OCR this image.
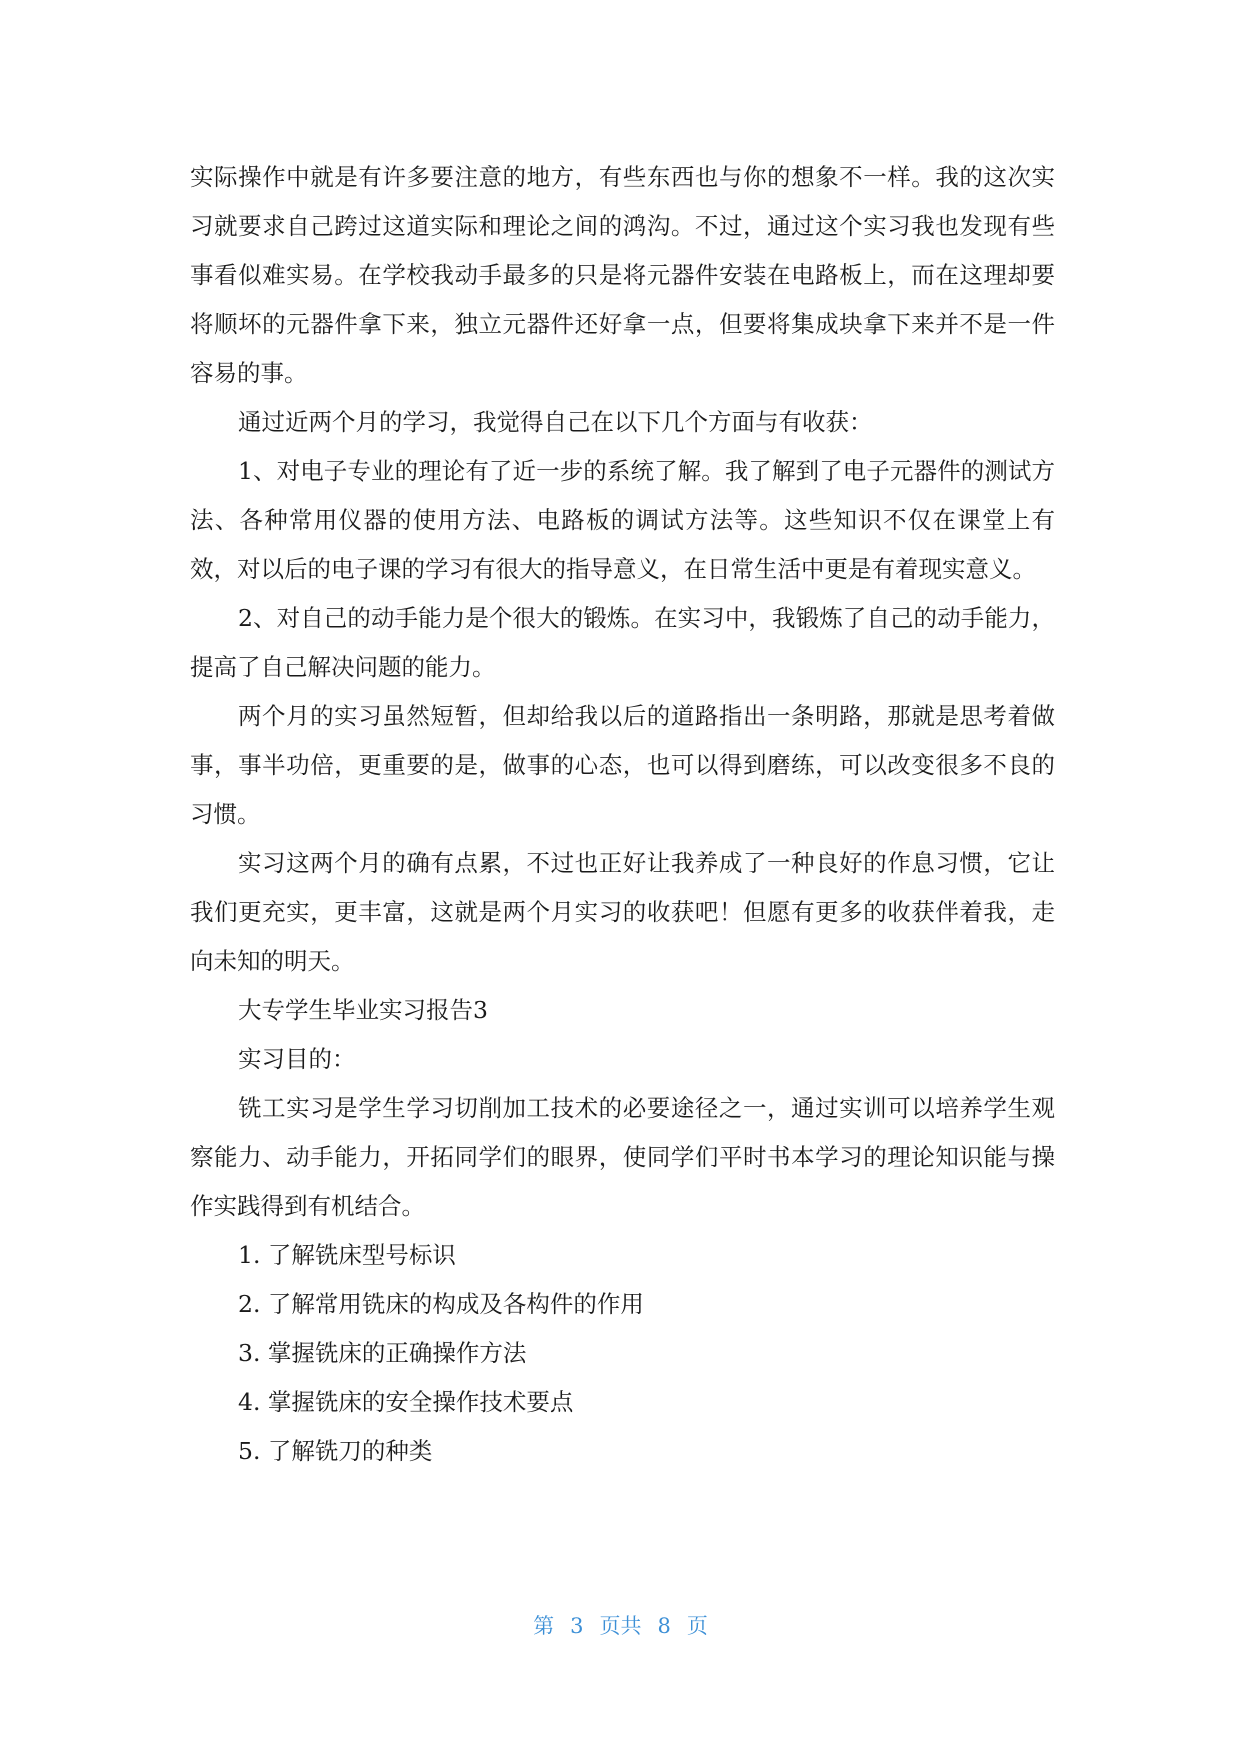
实际操作中就是有许多要注意的地方，有些东西也与你的想象不一样。我的这次实习就要求自己跨过这道实际和理论之间的鸿沟。不过，通过这个实习我也发现有些事看似难实易。在学校我动手最多的只是将元器件安装在电路板上，而在这理却要将顺坏的元器件拿下来，独立元器件还好拿一点，但要将集成块拿下来并不是一件容易的事。

通过近两个月的学习，我觉得自己在以下几个方面与有收获：

1、对电子专业的理论有了近一步的系统了解。我了解到了电子元器件的测试方法、各种常用仪器的使用方法、电路板的调试方法等。这些知识不仅在课堂上有效，对以后的电子课的学习有很大的指导意义，在日常生活中更是有着现实意义。

2、对自己的动手能力是个很大的锻炼。在实习中，我锻炼了自己的动手能力，提高了自己解决问题的能力。

两个月的实习虽然短暂，但却给我以后的道路指出一条明路，那就是思考着做事，事半功倍，更重要的是，做事的心态，也可以得到磨练，可以改变很多不良的习惯。

实习这两个月的确有点累，不过也正好让我养成了一种良好的作息习惯，它让我们更充实，更丰富，这就是两个月实习的收获吧！但愿有更多的收获伴着我，走向未知的明天。

大专学生毕业实习报告3

实习目的：

铣工实习是学生学习切削加工技术的必要途径之一，通过实训可以培养学生观察能力、动手能力，开拓同学们的眼界，使同学们平时书本学习的理论知识能与操作实践得到有机结合。

1. 了解铣床型号标识

2. 了解常用铣床的构成及各构件的作用

3. 掌握铣床的正确操作方法

4. 掌握铣床的安全操作技术要点

5. 了解铣刀的种类

第 3 页共 8 页
